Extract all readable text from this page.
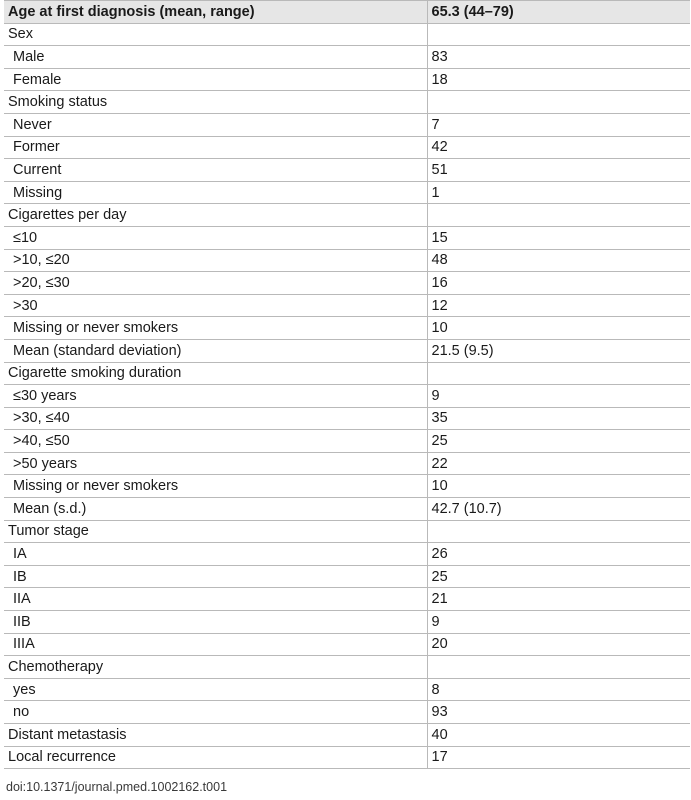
Age at first diagnosis (mean, range)	65.3 (44–79)
Sex	
Male	83
Female	18
Smoking status	
Never	7
Former	42
Current	51
Missing	1
Cigarettes per day	
≤10	15
>10, ≤20	48
>20, ≤30	16
>30	12
Missing or never smokers	10
Mean (standard deviation)	21.5 (9.5)
Cigarette smoking duration	
≤30 years	9
>30, ≤40	35
>40, ≤50	25
>50 years	22
Missing or never smokers	10
Mean (s.d.)	42.7 (10.7)
Tumor stage	
IA	26
IB	25
IIA	21
IIB	9
IIIA	20
Chemotherapy	
yes	8
no	93
Distant metastasis	40
Local recurrence	17
doi:10.1371/journal.pmed.1002162.t001
